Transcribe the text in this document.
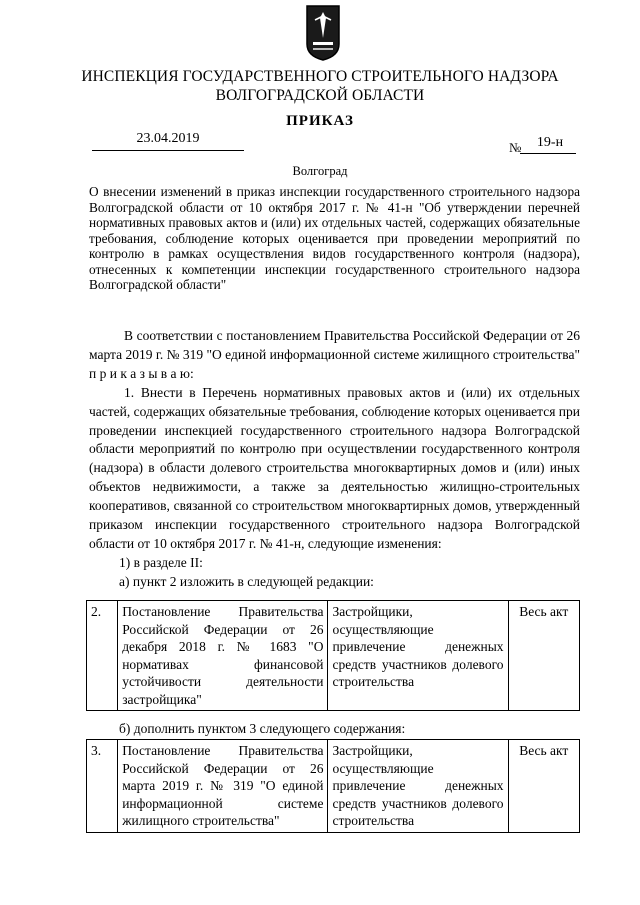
ИНСПЕКЦИЯ ГОСУДАРСТВЕННОГО СТРОИТЕЛЬНОГО НАДЗОРА
ВОЛГОГРАДСКОЙ ОБЛАСТИ
ПРИКАЗ
23.04.2019
№	19-н
Волгоград

О внесении изменений в приказ инспекции государственного строительного надзора Волгоградской области от 10 октября 2017 г. № 41-н "Об утверждении перечней нормативных правовых актов и (или) их отдельных частей, содержащих обязательные требования, соблюдение которых оценивается при проведении мероприятий по контролю в рамках осуществления видов государственного контроля (надзора), отнесенных к компетенции инспекции государственного строительного надзора Волгоградской области"

В соответствии с постановлением Правительства Российской Федерации от 26 марта 2019 г. № 319 "О единой информационной системе жилищного строительства" п р и к а з ы в а ю:

1. Внести в Перечень нормативных правовых актов и (или) их отдельных частей, содержащих обязательные требования, соблюдение которых оценивается при проведении инспекцией государственного строительного надзора Волгоградской области мероприятий по контролю при осуществлении государственного контроля (надзора) в области долевого строительства многоквартирных домов и (или) иных объектов недвижимости, а также за деятельностью жилищно-строительных кооперативов, связанной со строительством многоквартирных домов, утвержденный приказом инспекции государственного строительного надзора Волгоградской области от 10 октября 2017 г. № 41-н, следующие изменения:

1) в разделе II:

а) пункт 2 изложить в следующей редакции:

2.	Постановление Правительства Российской Федерации от 26 декабря 2018 г. № 1683 "О нормативах финансовой устойчивости деятельности застройщика"	Застройщики, осуществляющие привлечение денежных средств участников долевого строительства	Весь акт
б) дополнить пунктом 3 следующего содержания:
3.	Постановление Правительства Российской Федерации от 26 марта 2019 г. № 319 "О единой информационной системе жилищного строительства"	Застройщики, осуществляющие привлечение денежных средств участников долевого строительства	Весь акт
